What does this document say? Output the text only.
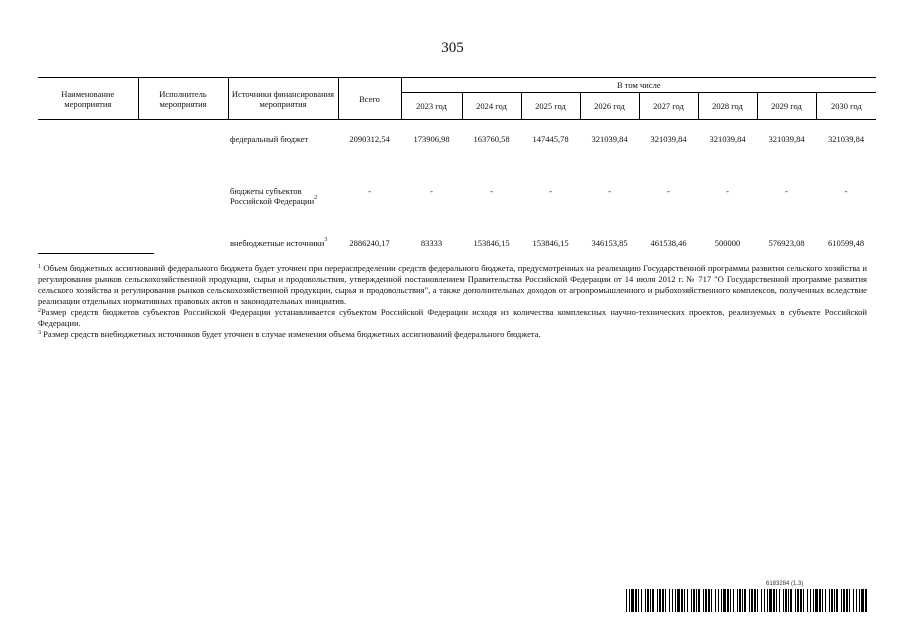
305
Наименование мероприятия	Исполнитель мероприятия	Источники финансирования мероприятия	Всего	В том числе							
				2023 год	2024 год	2025 год	2026 год	2027 год	2028 год	2029 год	2030 год
		федеральный бюджет	2090312,54	173906,98	163760,58	147445,78	321039,84	321039,84	321039,84	321039,84	321039,84
		бюджеты субъектов Российской Федерации$^2$	-	-	-	-	-	-	-	-	-
		внебюджетные источники$^3$	2886240,17	83333	153846,15	153846,15	346153,85	461538,46	500000	576923,08	610599,48

$^1$ Объем бюджетных ассигнований федерального бюджета будет уточнен при перераспределении средств федерального бюджета, предусмотренных на реализацию Государственной программы развития сельского хозяйства и регулирования рынков сельскохозяйственной продукции, сырья и продовольствия, утвержденной постановлением Правительства Российской Федерации от 14 июля 2012 г. № 717 "О Государственной программе развития сельского хозяйства и регулирования рынков сельскохозяйственной продукции, сырья и продовольствия", а также дополнительных доходов от агропромышленного и рыбохозяйственного комплексов, полученных вследствие реализации отдельных нормативных правовых актов и законодательных инициатив.

$^2$Размер средств бюджетов субъектов Российской Федерации устанавливается субъектом Российской Федерации исходя из количества комплексных научно-технических проектов, реализуемых в субъекте Российской Федерации.

$^3$ Размер средств внебюджетных источников будет уточнен в случае изменения объема бюджетных ассигнований федерального бюджета.

6183284 (1.3)
